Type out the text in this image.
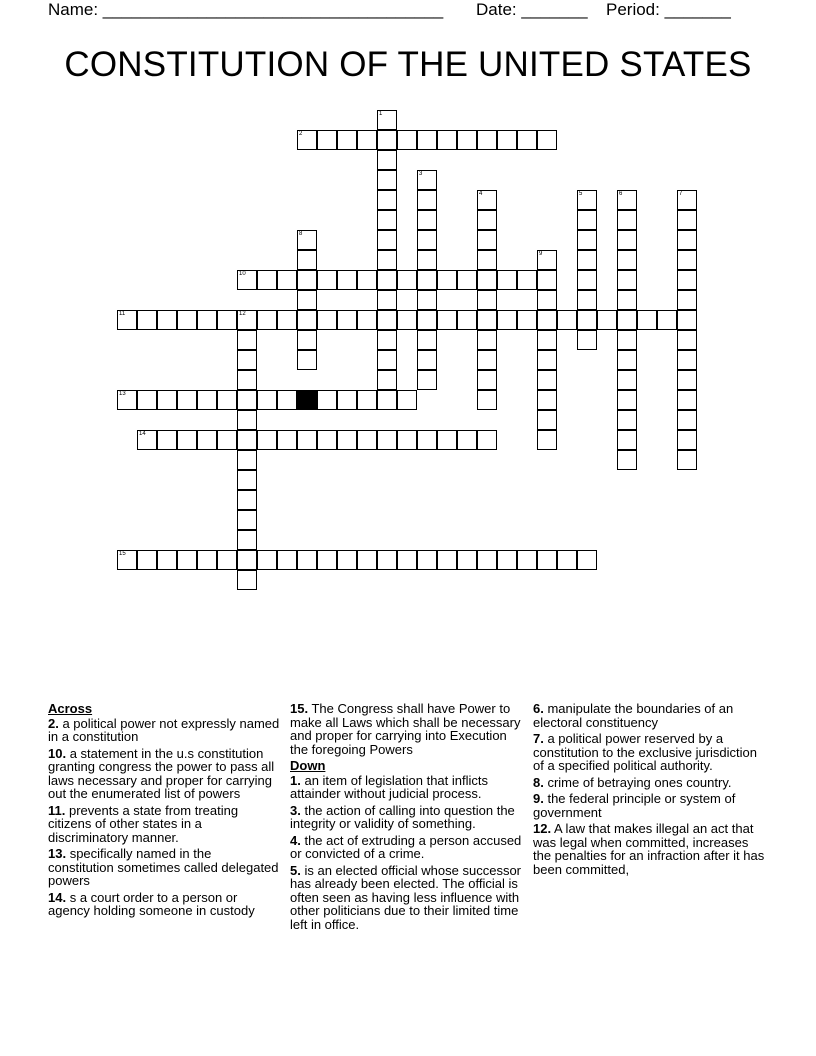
Name: ____________________________________ Date: _______ Period: _______
CONSTITUTION OF THE UNITED STATES
1
2
3
4	5	6	7
8
9
10
11	12
13
14
15
Across
2. a political power not expressly named in a constitution
10. a statement in the u.s constitution granting congress the power to pass all laws necessary and proper for carrying out the enumerated list of powers
11. prevents a state from treating citizens of other states in a discriminatory manner.
13. specifically named in the constitution sometimes called delegated powers
14. s a court order to a person or agency holding someone in custody
15. The Congress shall have Power to make all Laws which shall be necessary and proper for carrying into Execution the foregoing Powers
Down
1. an item of legislation that inflicts attainder without judicial process.
3. the action of calling into question the integrity or validity of something.
4. the act of extruding a person accused or convicted of a crime.
5. is an elected official whose successor has already been elected. The official is often seen as having less influence with other politicians due to their limited time left in office.
6. manipulate the boundaries of an electoral constituency
7. a political power reserved by a constitution to the exclusive jurisdiction of a specified political authority.
8. crime of betraying ones country.
9. the federal principle or system of government
12. A law that makes illegal an act that was legal when committed, increases the penalties for an infraction after it has been committed,
